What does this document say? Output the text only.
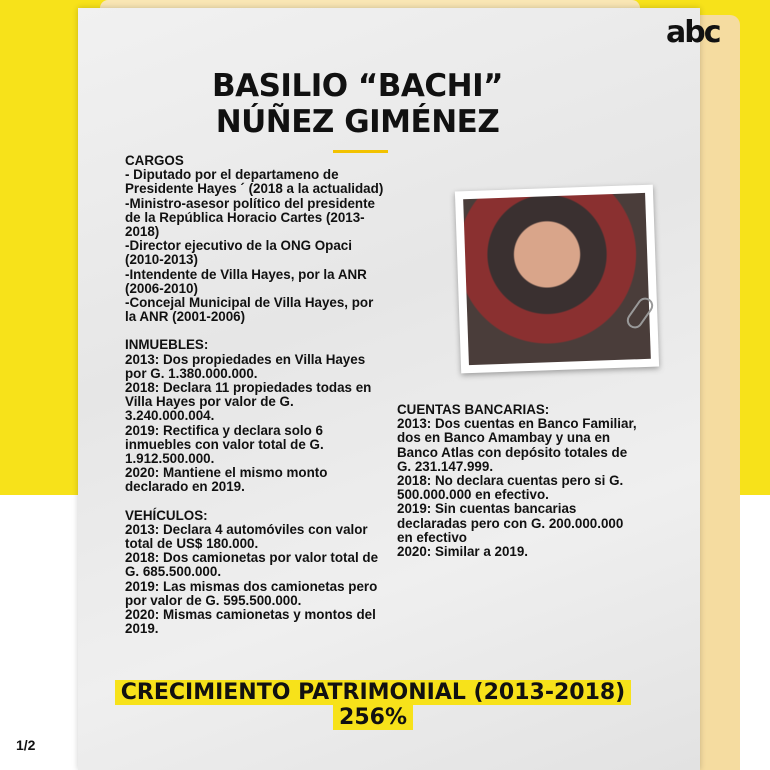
abc
BASILIO “BACHI”
NÚÑEZ GIMÉNEZ
CARGOS

- Diputado por el departameno de Presidente Hayes ´ (2018 a la actualidad)

-Ministro-asesor político del presidente de la República Horacio Cartes (2013-2018)

-Director ejecutivo de la ONG Opaci (2010-2013)

-Intendente de Villa Hayes, por la ANR (2006-2010)

-Concejal Municipal de Villa Hayes, por la ANR (2001-2006)

INMUEBLES:

2013: Dos propiedades en Villa Hayes por G. 1.380.000.000.

2018: Declara 11 propiedades todas en Villa Hayes por valor de G. 3.240.000.004.

2019: Rectifica y declara solo 6 inmuebles con valor total de G. 1.912.500.000.

2020: Mantiene el mismo monto declarado en 2019.

VEHÍCULOS:

2013: Declara 4 automóviles con valor total de US$ 180.000.

2018: Dos camionetas por valor total de G. 685.500.000.

2019: Las mismas dos camionetas pero por valor de G. 595.500.000.

2020: Mismas camionetas y montos del 2019.

CUENTAS BANCARIAS:

2013: Dos cuentas en Banco Familiar, dos en Banco Amambay y una en Banco Atlas con depósito totales de G. 231.147.999.

2018: No declara cuentas pero si G. 500.000.000 en efectivo.

2019: Sin cuentas bancarias declaradas pero con G. 200.000.000 en efectivo

2020: Similar a 2019.

CRECIMIENTO PATRIMONIAL (2013-2018)
256%
1/2
